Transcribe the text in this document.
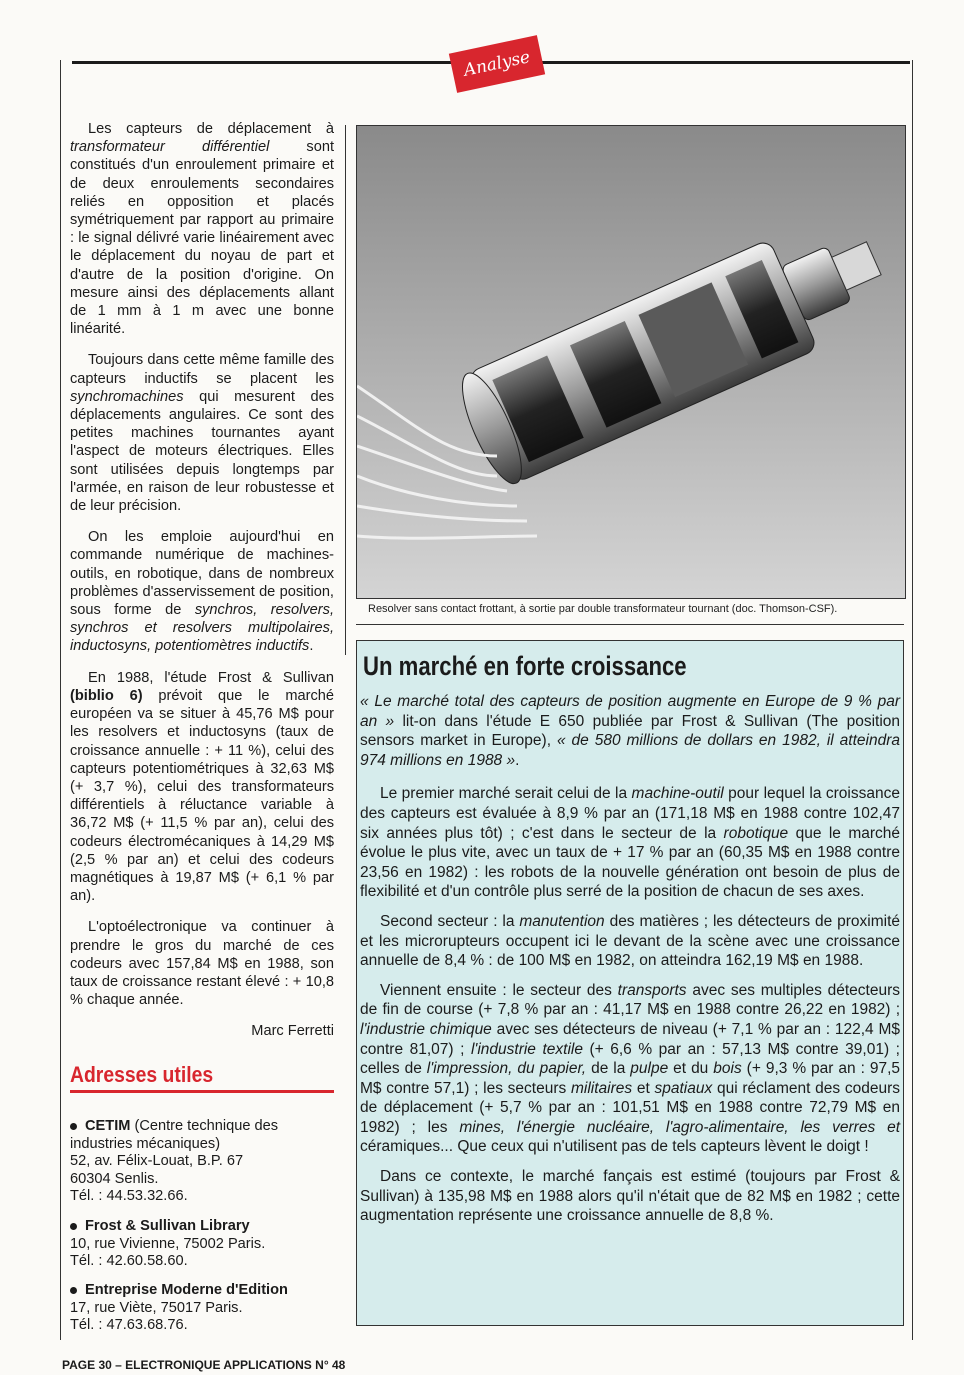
Analyse

Les capteurs de déplacement à transformateur différentiel sont constitués d'un enroulement primaire et de deux enroulements secondaires reliés en opposition et placés symétriquement par rapport au primaire : le signal délivré varie linéairement avec le déplacement du noyau de part et d'autre de la position d'origine. On mesure ainsi des déplacements allant de 1 mm à 1 m avec une bonne linéarité.

Toujours dans cette même famille des capteurs inductifs se placent les synchromachines qui mesurent des déplacements angulaires. Ce sont des petites machines tournantes ayant l'aspect de moteurs électriques. Elles sont utilisées depuis longtemps par l'armée, en raison de leur robustesse et de leur précision.

On les emploie aujourd'hui en commande numérique de machines-outils, en robotique, dans de nombreux problèmes d'asservissement de position, sous forme de synchros, resolvers, synchros et resolvers multipolaires, inductosyns, potentiomètres inductifs.

En 1988, l'étude Frost & Sullivan (biblio 6) prévoit que le marché européen va se situer à 45,76 M$ pour les resolvers et inductosyns (taux de croissance annuelle : + 11 %), celui des capteurs potentiométriques à 32,63 M$ (+ 3,7 %), celui des transformateurs différentiels à réluctance variable à 36,72 M$ (+ 11,5 % par an), celui des codeurs électromécaniques à 14,29 M$ (2,5 % par an) et celui des codeurs magnétiques à 19,87 M$ (+ 6,1 % par an).

L'optoélectronique va continuer à prendre le gros du marché de ces codeurs avec 157,84 M$ en 1988, son taux de croissance restant élevé : + 10,8 % chaque année.

Marc Ferretti
Adresses utiles
CETIM (Centre technique des industries mécaniques)
52, av. Félix-Louat, B.P. 67
60304 Senlis.
Tél. : 44.53.32.66.
Frost & Sullivan Library
10, rue Vivienne, 75002 Paris.
Tél. : 42.60.58.60.
Entreprise Moderne d'Edition
17, rue Viète, 75017 Paris.
Tél. : 47.63.68.76.
Resolver sans contact frottant, à sortie par double transformateur tournant (doc. Thomson-CSF).
Un marché en forte croissance

« Le marché total des capteurs de position augmente en Europe de 9 % par an » lit-on dans l'étude E 650 publiée par Frost & Sullivan (The position sensors market in Europe), « de 580 millions de dollars en 1982, il atteindra 974 millions en 1988 ».

Le premier marché serait celui de la machine-outil pour lequel la croissance des capteurs est évaluée à 8,9 % par an (171,18 M$ en 1988 contre 102,47 six années plus tôt) ; c'est dans le secteur de la robotique que le marché évolue le plus vite, avec un taux de + 17 % par an (60,35 M$ en 1988 contre 23,56 en 1982) : les robots de la nouvelle génération ont besoin de plus de flexibilité et d'un contrôle plus serré de la position de chacun de ses axes.

Second secteur : la manutention des matières ; les détecteurs de proximité et les microrupteurs occupent ici le devant de la scène avec une croissance annuelle de 8,4 % : de 100 M$ en 1982, on atteindra 162,19 M$ en 1988.

Viennent ensuite : le secteur des transports avec ses multiples détecteurs de fin de course (+ 7,8 % par an : 41,17 M$ en 1988 contre 26,22 en 1982) ; l'industrie chimique avec ses détecteurs de niveau (+ 7,1 % par an : 122,4 M$ contre 81,07) ; l'industrie textile (+ 6,6 % par an : 57,13 M$ contre 39,01) ; celles de l'impression, du papier, de la pulpe et du bois (+ 9,3 % par an : 97,5 M$ contre 57,1) ; les secteurs militaires et spatiaux qui réclament des codeurs de déplacement (+ 5,7 % par an : 101,51 M$ en 1988 contre 72,79 M$ en 1982) ; les mines, l'énergie nucléaire, l'agro-alimentaire, les verres et céramiques... Que ceux qui n'utilisent pas de tels capteurs lèvent le doigt !

Dans ce contexte, le marché fançais est estimé (toujours par Frost & Sullivan) à 135,98 M$ en 1988 alors qu'il n'était que de 82 M$ en 1982 ; cette augmentation représente une croissance annuelle de 8,8 %.

PAGE 30 – ELECTRONIQUE APPLICATIONS N° 48
